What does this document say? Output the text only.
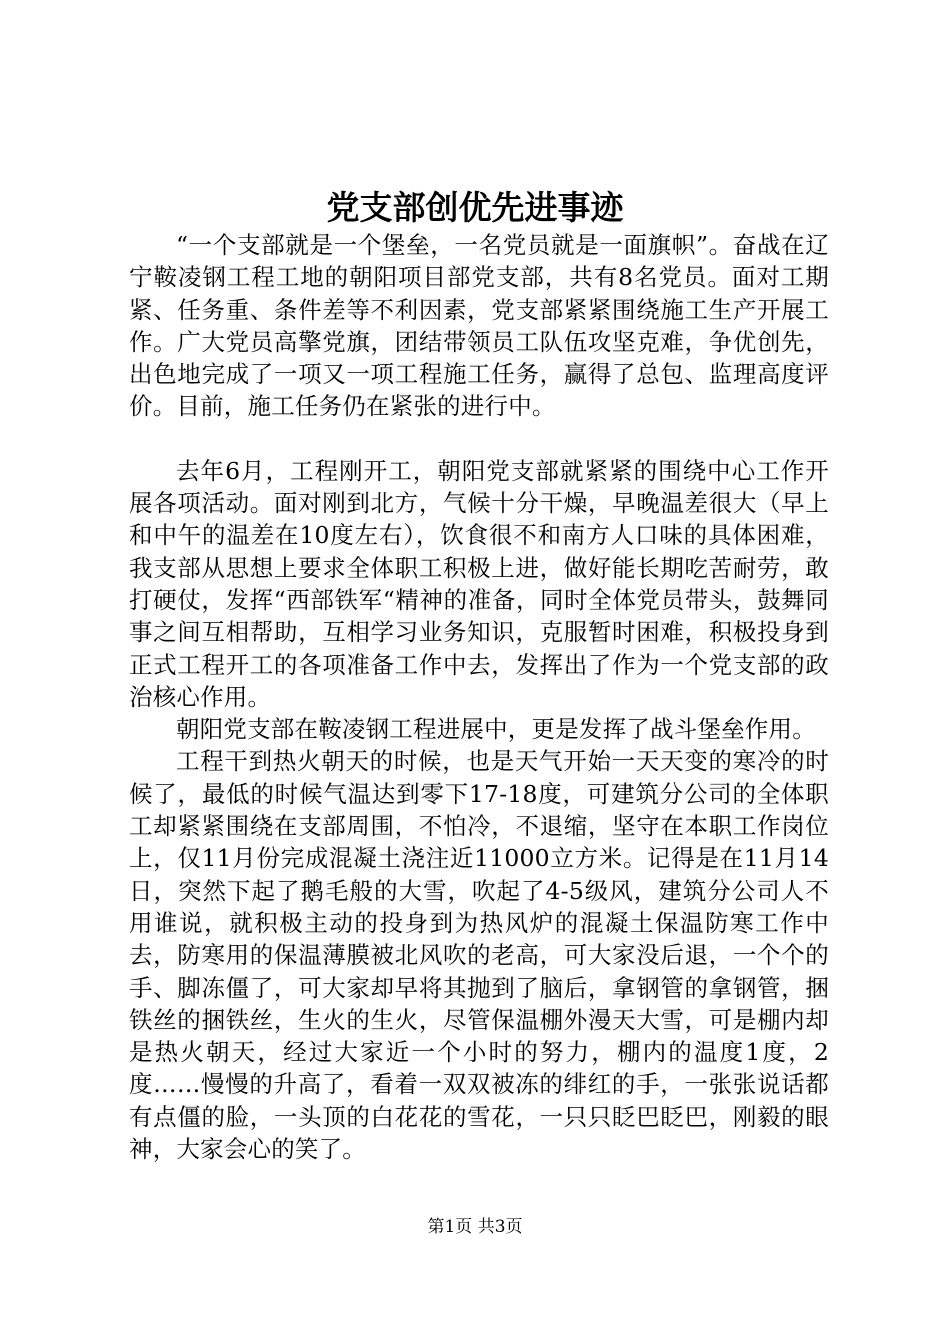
党支部创优先进事迹

“一个支部就是一个堡垒，一名党员就是一面旗帜”。奋战在辽宁鞍凌钢工程工地的朝阳项目部党支部，共有8名党员。面对工期紧、任务重、条件差等不利因素，党支部紧紧围绕施工生产开展工作。广大党员高擎党旗，团结带领员工队伍攻坚克难，争优创先，出色地完成了一项又一项工程施工任务，赢得了总包、监理高度评价。目前，施工任务仍在紧张的进行中。

去年6月，工程刚开工，朝阳党支部就紧紧的围绕中心工作开展各项活动。面对刚到北方，气候十分干燥，早晚温差很大（早上和中午的温差在10度左右），饮食很不和南方人口味的具体困难，我支部从思想上要求全体职工积极上进，做好能长期吃苦耐劳，敢打硬仗，发挥“西部铁军“精神的准备，同时全体党员带头，鼓舞同事之间互相帮助，互相学习业务知识，克服暂时困难，积极投身到正式工程开工的各项准备工作中去，发挥出了作为一个党支部的政治核心作用。

朝阳党支部在鞍凌钢工程进展中，更是发挥了战斗堡垒作用。

工程干到热火朝天的时候，也是天气开始一天天变的寒冷的时候了，最低的时候气温达到零下17-18度，可建筑分公司的全体职工却紧紧围绕在支部周围，不怕冷，不退缩，坚守在本职工作岗位上，仅11月份完成混凝土浇注近11000立方米。记得是在11月14日，突然下起了鹅毛般的大雪，吹起了4-5级风，建筑分公司人不用谁说，就积极主动的投身到为热风炉的混凝土保温防寒工作中去，防寒用的保温薄膜被北风吹的老高，可大家没后退，一个个的手、脚冻僵了，可大家却早将其抛到了脑后，拿钢管的拿钢管，捆铁丝的捆铁丝，生火的生火，尽管保温棚外漫天大雪，可是棚内却是热火朝天，经过大家近一个小时的努力，棚内的温度1度，2度……慢慢的升高了，看着一双双被冻的绯红的手，一张张说话都有点僵的脸，一头顶的白花花的雪花，一只只眨巴眨巴，刚毅的眼神，大家会心的笑了。

第1页 共3页
